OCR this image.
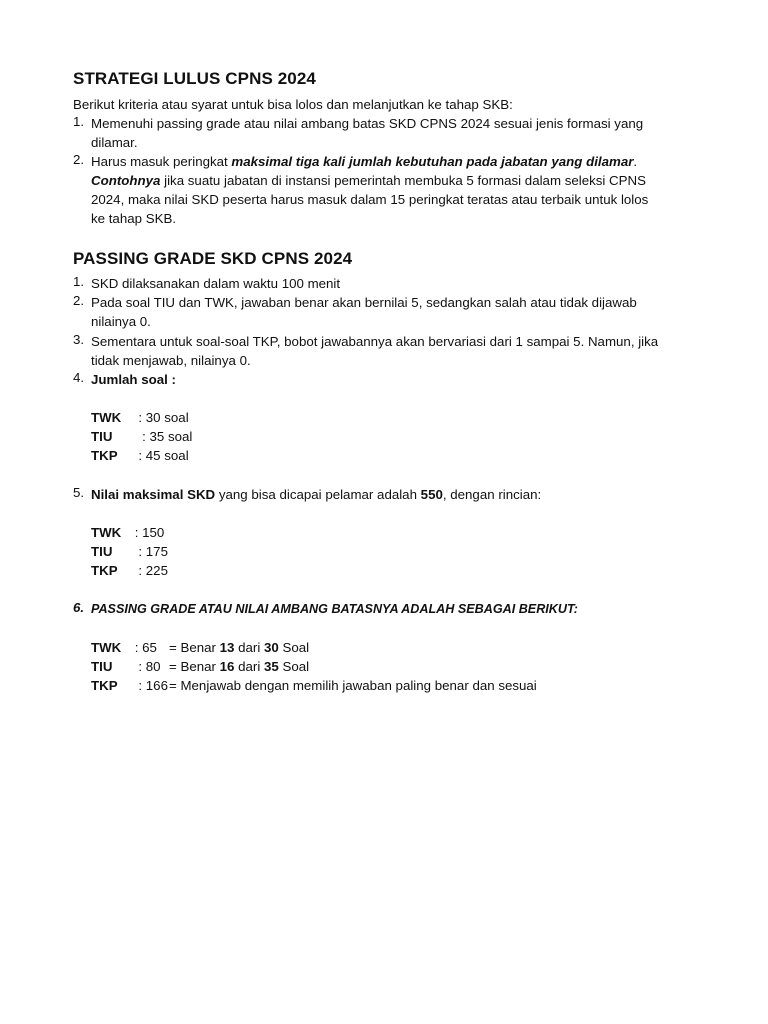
STRATEGI LULUS CPNS 2024
Berikut kriteria atau syarat untuk bisa lolos dan melanjutkan ke tahap SKB:
1. Memenuhi passing grade atau nilai ambang batas SKD CPNS 2024 sesuai jenis formasi yang
dilamar.
2. Harus masuk peringkat maksimal tiga kali jumlah kebutuhan pada jabatan yang dilamar.
Contohnya jika suatu jabatan di instansi pemerintah membuka 5 formasi dalam seleksi CPNS
2024, maka nilai SKD peserta harus masuk dalam 15 peringkat teratas atau terbaik untuk lolos
ke tahap SKB.
PASSING GRADE SKD CPNS 2024
1. SKD dilaksanakan dalam waktu 100 menit
2. Pada soal TIU dan TWK, jawaban benar akan bernilai 5, sedangkan salah atau tidak dijawab
nilainya 0.
3. Sementara untuk soal-soal TKP, bobot jawabannya akan bervariasi dari 1 sampai 5. Namun, jika
tidak menjawab, nilainya 0.
4. Jumlah soal :
TWK  : 30 soal
TIU   : 35 soal
TKP  : 45 soal
5. Nilai maksimal SKD yang bisa dicapai pelamar adalah 550, dengan rincian:
TWK : 150
TIU  : 175
TKP  : 225
6. PASSING GRADE ATAU NILAI AMBANG BATASNYA ADALAH SEBAGAI BERIKUT:
TWK : 65 = Benar 13 dari 30 Soal
TIU  : 80 = Benar 16 dari 35 Soal
TKP  : 166= Menjawab dengan memilih jawaban paling benar dan sesuai
